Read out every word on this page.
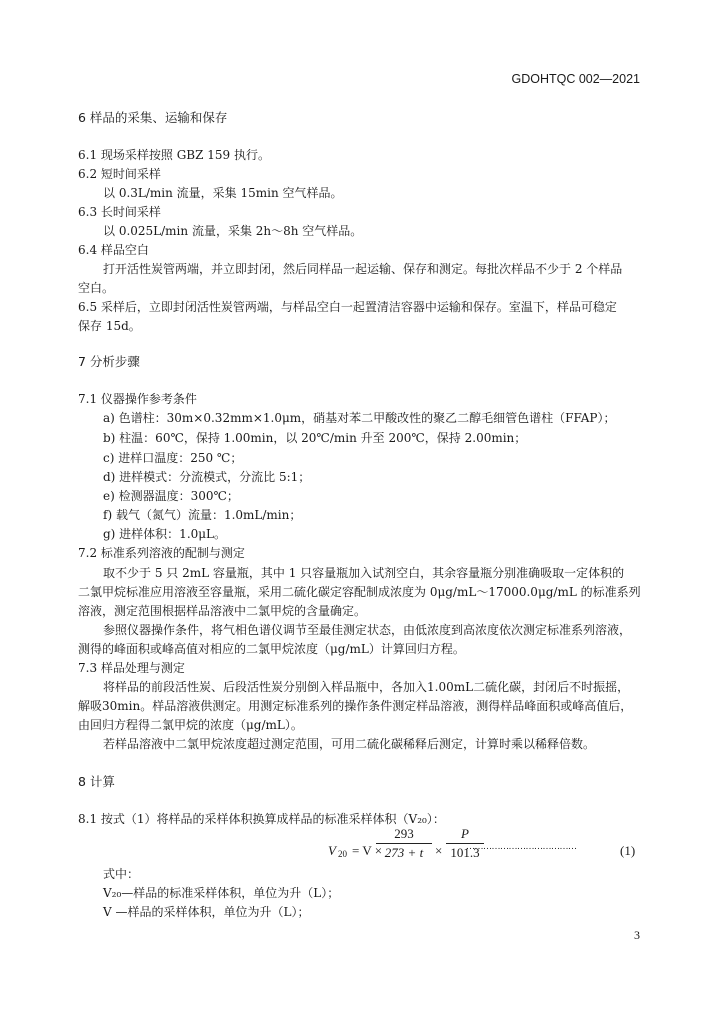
GDOHTQC 002—2021
6 样品的采集、运输和保存
6.1 现场采样按照 GBZ 159 执行。
6.2 短时间采样
以 0.3L/min 流量，采集 15min 空气样品。
6.3 长时间采样
以 0.025L/min 流量，采集 2h～8h 空气样品。
6.4 样品空白
打开活性炭管两端，并立即封闭，然后同样品一起运输、保存和测定。每批次样品不少于 2 个样品
空白。
6.5 采样后，立即封闭活性炭管两端，与样品空白一起置清洁容器中运输和保存。室温下，样品可稳定
保存 15d。
7 分析步骤
7.1 仪器操作参考条件
a) 色谱柱：30m×0.32mm×1.0μm，硝基对苯二甲酸改性的聚乙二醇毛细管色谱柱（FFAP）；
b) 柱温：60℃，保持 1.00min，以 20℃/min 升至 200℃，保持 2.00min；
c) 进样口温度：250 ℃；
d) 进样模式：分流模式，分流比 5:1；
e) 检测器温度：300℃；
f) 载气（氮气）流量：1.0mL/min；
g) 进样体积：1.0μL。
7.2 标准系列溶液的配制与测定
取不少于 5 只 2mL 容量瓶，其中 1 只容量瓶加入试剂空白，其余容量瓶分别准确吸取一定体积的
二氯甲烷标准应用溶液至容量瓶，采用二硫化碳定容配制成浓度为 0μg/mL～17000.0μg/mL 的标准系列
溶液，测定范围根据样品溶液中二氯甲烷的含量确定。
参照仪器操作条件，将气相色谱仪调节至最佳测定状态，由低浓度到高浓度依次测定标准系列溶液，
测得的峰面积或峰高值对相应的二氯甲烷浓度（μg/mL）计算回归方程。
7.3 样品处理与测定
将样品的前段活性炭、后段活性炭分别倒入样品瓶中，各加入1.00mL二硫化碳，封闭后不时振摇，
解吸30min。样品溶液供测定。用测定标准系列的操作条件测定样品溶液，测得样品峰面积或峰高值后，
由回归方程得二氯甲烷的浓度（μg/mL）。
若样品溶液中二氯甲烷浓度超过测定范围，可用二硫化碳稀释后测定，计算时乘以稀释倍数。
8 计算
8.1 按式（1）将样品的采样体积换算成样品的标准采样体积（V₂₀）：
V 20 = V ×
293
273 + t ×
P
101.3
…………………………………	(1)
式中：
V₂₀—样品的标准采样体积，单位为升（L）；
V —样品的采样体积，单位为升（L）；
3
